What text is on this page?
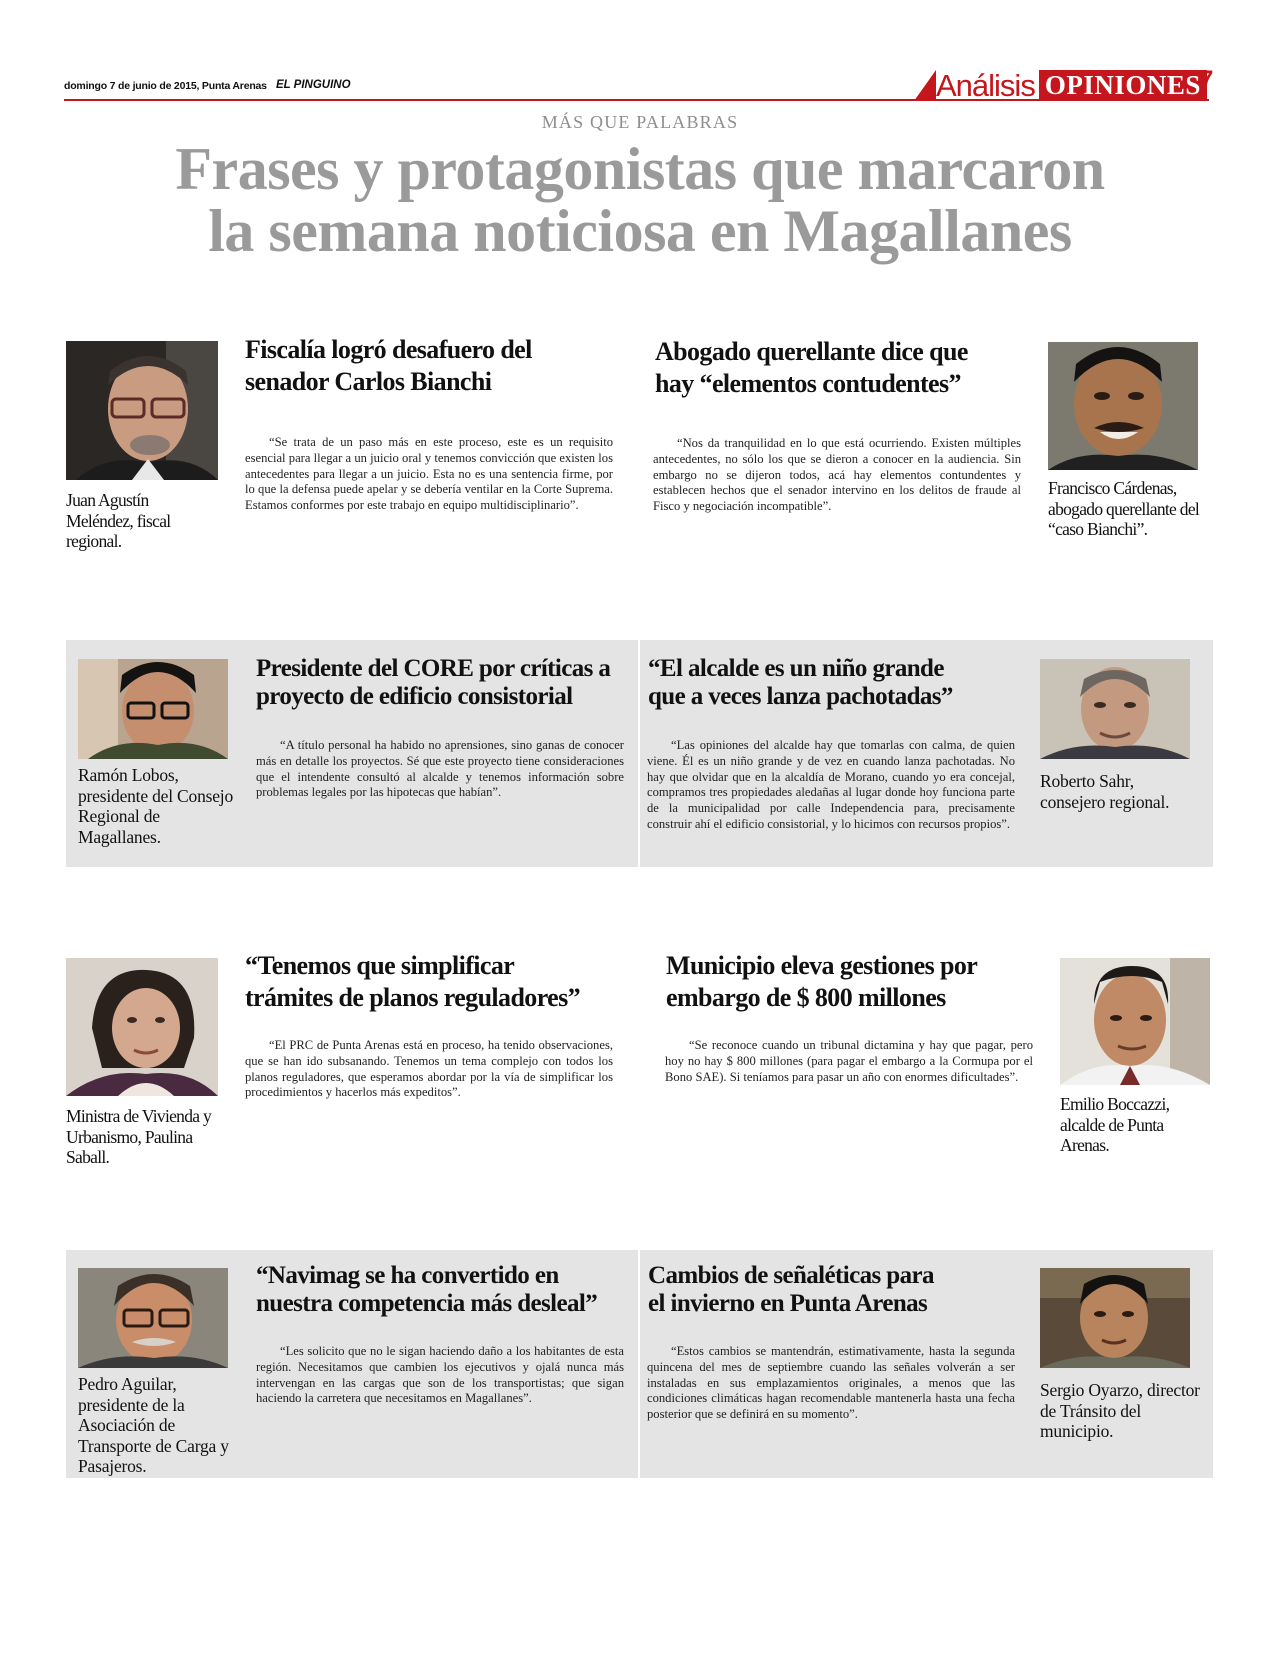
domingo 7 de junio de 2015, Punta Arenas EL PINGUINO	Análisis OPINIONES 7
MÁS QUE PALABRAS
Frases y protagonistas que marcaron
la semana noticiosa en Magallanes
Fiscalía logró desafuero del
senador Carlos Bianchi

“Se trata de un paso más en este proceso, este es un requisito esencial para llegar a un juicio oral y tenemos convicción que existen los antecedentes para llegar a un juicio. Esta no es una sentencia firme, por lo que la defensa puede apelar y se debería ventilar en la Corte Suprema. Estamos conformes por este trabajo en equipo multidisciplinario”.

Juan Agustín Meléndez, fiscal regional.

Abogado querellante dice que
hay “elementos contudentes”

“Nos da tranquilidad en lo que está ocurriendo. Existen múltiples antecedentes, no sólo los que se dieron a conocer en la audiencia. Sin embargo no se dijeron todos, acá hay elementos contundentes y establecen hechos que el senador intervino en los delitos de fraude al Fisco y negociación incompatible”.

Francisco Cárdenas, abogado querellante del “caso Bianchi”.

Presidente del CORE por críticas a
proyecto de edificio consistorial

“A título personal ha habido no aprensiones, sino ganas de conocer más en detalle los proyectos. Sé que este proyecto tiene consideraciones que el intendente consultó al alcalde y tenemos información sobre problemas legales por las hipotecas que habían”.

Ramón Lobos, presidente del Consejo Regional de Magallanes.

“El alcalde es un niño grande
que a veces lanza pachotadas”

“Las opiniones del alcalde hay que tomarlas con calma, de quien viene. Él es un niño grande y de vez en cuando lanza pachotadas. No hay que olvidar que en la alcaldía de Morano, cuando yo era concejal, compramos tres propiedades aledañas al lugar donde hoy funciona parte de la municipalidad por calle Independencia para, precisamente construir ahí el edificio consistorial, y lo hicimos con recursos propios”.

Roberto Sahr, consejero regional.

“Tenemos que simplificar
trámites de planos reguladores”

“El PRC de Punta Arenas está en proceso, ha tenido observaciones, que se han ido subsanando. Tenemos un tema complejo con todos los planos reguladores, que esperamos abordar por la vía de simplificar los procedimientos y hacerlos más expeditos”.

Ministra de Vivienda y Urbanismo, Paulina Saball.

Municipio eleva gestiones por
embargo de $ 800 millones

“Se reconoce cuando un tribunal dictamina y hay que pagar, pero hoy no hay $ 800 millones (para pagar el embargo a la Cormupa por el Bono SAE). Si teníamos para pasar un año con enormes dificultades”.

Emilio Boccazzi, alcalde de Punta Arenas.

“Navimag se ha convertido en
nuestra competencia más desleal”

“Les solicito que no le sigan haciendo daño a los habitantes de esta región. Necesitamos que cambien los ejecutivos y ojalá nunca más intervengan en las cargas que son de los transportistas; que sigan haciendo la carretera que necesitamos en Magallanes”.

Pedro Aguilar, presidente de la Asociación de Transporte de Carga y Pasajeros.

Cambios de señaléticas para
el invierno en Punta Arenas

“Estos cambios se mantendrán, estimativamente, hasta la segunda quincena del mes de septiembre cuando las señales volverán a ser instaladas en sus emplazamientos originales, a menos que las condiciones climáticas hagan recomendable mantenerla hasta una fecha posterior que se definirá en su momento”.

Sergio Oyarzo, director de Tránsito del municipio.
